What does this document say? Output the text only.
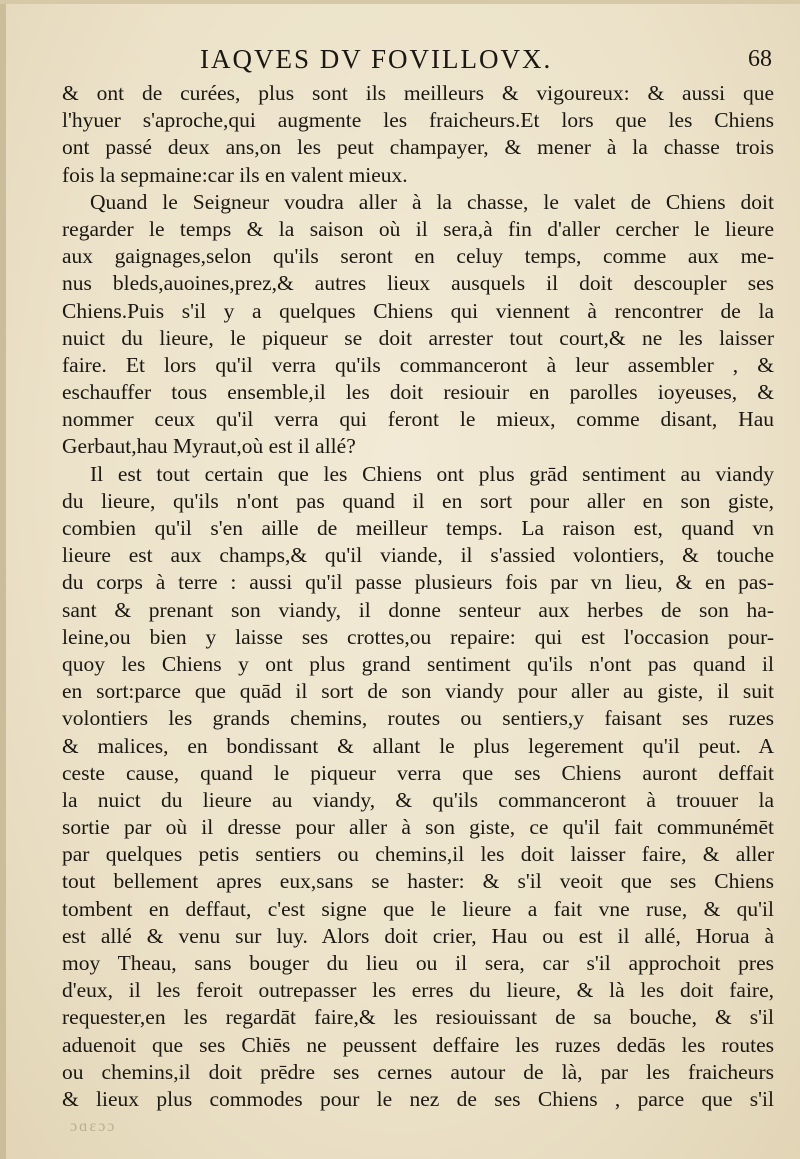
IAQVES DV FOVILLOVX.	68
& ont de curées, plus sont ils meilleurs & vigoureux: & aussi que
l'hyuer s'aproche,qui augmente les fraicheurs.Et lors que les Chiens
ont passé deux ans,on les peut champayer, & mener à la chasse trois
fois la sepmaine:car ils en valent mieux.
Quand le Seigneur voudra aller à la chasse, le valet de Chiens doit
regarder le temps & la saison où il sera,à fin d'aller cercher le lieure
aux gaignages,selon qu'ils seront en celuy temps, comme aux me-
nus bleds,auoines,prez,& autres lieux ausquels il doit descoupler ses
Chiens.Puis s'il y a quelques Chiens qui viennent à rencontrer de la
nuict du lieure, le piqueur se doit arrester tout court,& ne les laisser
faire. Et lors qu'il verra qu'ils commanceront à leur assembler , &
eschauffer tous ensemble,il les doit resiouir en parolles ioyeuses, &
nommer ceux qu'il verra qui feront le mieux, comme disant, Hau
Gerbaut,hau Myraut,où est il allé?
Il est tout certain que les Chiens ont plus grād sentiment au viandy
du lieure, qu'ils n'ont pas quand il en sort pour aller en son giste,
combien qu'il s'en aille de meilleur temps. La raison est, quand vn
lieure est aux champs,& qu'il viande, il s'assied volontiers, & touche
du corps à terre : aussi qu'il passe plusieurs fois par vn lieu, & en pas-
sant & prenant son viandy, il donne senteur aux herbes de son ha-
leine,ou bien y laisse ses crottes,ou repaire: qui est l'occasion pour-
quoy les Chiens y ont plus grand sentiment qu'ils n'ont pas quand il
en sort:parce que quād il sort de son viandy pour aller au giste, il suit
volontiers les grands chemins, routes ou sentiers,y faisant ses ruzes
& malices, en bondissant & allant le plus legerement qu'il peut. A
ceste cause, quand le piqueur verra que ses Chiens auront deffait
la nuict du lieure au viandy, & qu'ils commanceront à trouuer la
sortie par où il dresse pour aller à son giste, ce qu'il fait communémēt
par quelques petis sentiers ou chemins,il les doit laisser faire, & aller
tout bellement apres eux,sans se haster: & s'il veoit que ses Chiens
tombent en deffaut, c'est signe que le lieure a fait vne ruse, & qu'il
est allé & venu sur luy. Alors doit crier, Hau ou est il allé, Horua à
moy Theau, sans bouger du lieu ou il sera, car s'il approchoit pres
d'eux, il les feroit outrepasser les erres du lieure, & là les doit faire,
requester,en les regardāt faire,& les resiouissant de sa bouche, & s'il
aduenoit que ses Chiēs ne peussent deffaire les ruzes dedās les routes
ou chemins,il doit prēdre ses cernes autour de là, par les fraicheurs
& lieux plus commodes pour le nez de ses Chiens , parce que s'il
ɔɑɛɔɔ
